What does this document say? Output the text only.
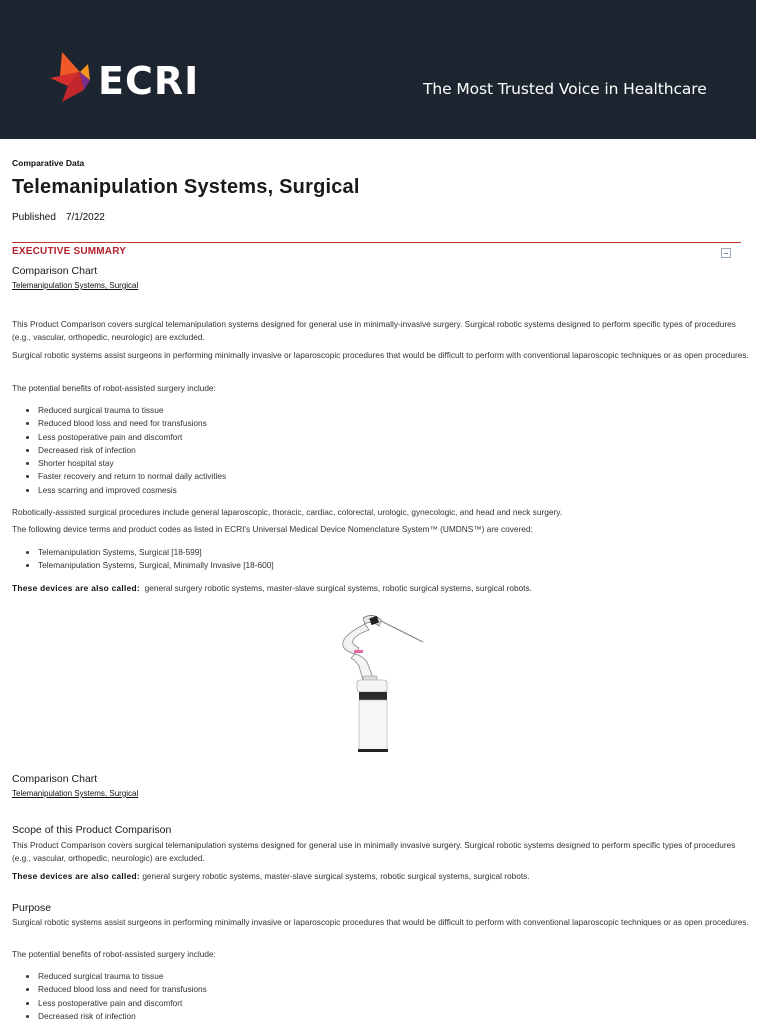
ECRI	The Most Trusted Voice in Healthcare
Comparative Data
Telemanipulation Systems, Surgical
Published 7/1/2022
EXECUTIVE SUMMARY
Comparison Chart
Telemanipulation Systems, Surgical

This Product Comparison covers surgical telemanipulation systems designed for general use in minimally-invasive surgery. Surgical robotic systems designed to perform specific types of procedures (e.g., vascular, orthopedic, neurologic) are excluded.

Surgical robotic systems assist surgeons in performing minimally invasive or laparoscopic procedures that would be difficult to perform with conventional laparoscopic techniques or as open procedures.

The potential benefits of robot-assisted surgery include:

• Reduced surgical trauma to tissue
• Reduced blood loss and need for transfusions
• Less postoperative pain and discomfort
• Decreased risk of infection
• Shorter hospital stay
• Faster recovery and return to normal daily activities
• Less scarring and improved cosmesis

Robotically-assisted surgical procedures include general laparoscopic, thoracic, cardiac, colorectal, urologic, gynecologic, and head and neck surgery.

The following device terms and product codes as listed in ECRI's Universal Medical Device Nomenclature System™ (UMDNS™) are covered:

• Telemanipulation Systems, Surgical [18-599]
• Telemanipulation Systems, Surgical, Minimally Invasive [18-600]

These devices are also called: general surgery robotic systems, master-slave surgical systems, robotic surgical systems, surgical robots.

Comparison Chart
Telemanipulation Systems, Surgical
Scope of this Product Comparison

This Product Comparison covers surgical telemanipulation systems designed for general use in minimally invasive surgery. Surgical robotic systems designed to perform specific types of procedures (e.g., vascular, orthopedic, neurologic) are excluded.

These devices are also called: general surgery robotic systems, master-slave surgical systems, robotic surgical systems, surgical robots.

Purpose

Surgical robotic systems assist surgeons in performing minimally invasive or laparoscopic procedures that would be difficult to perform with conventional laparoscopic techniques or as open procedures.

The potential benefits of robot-assisted surgery include:

• Reduced surgical trauma to tissue
• Reduced blood loss and need for transfusions
• Less postoperative pain and discomfort
• Decreased risk of infection
